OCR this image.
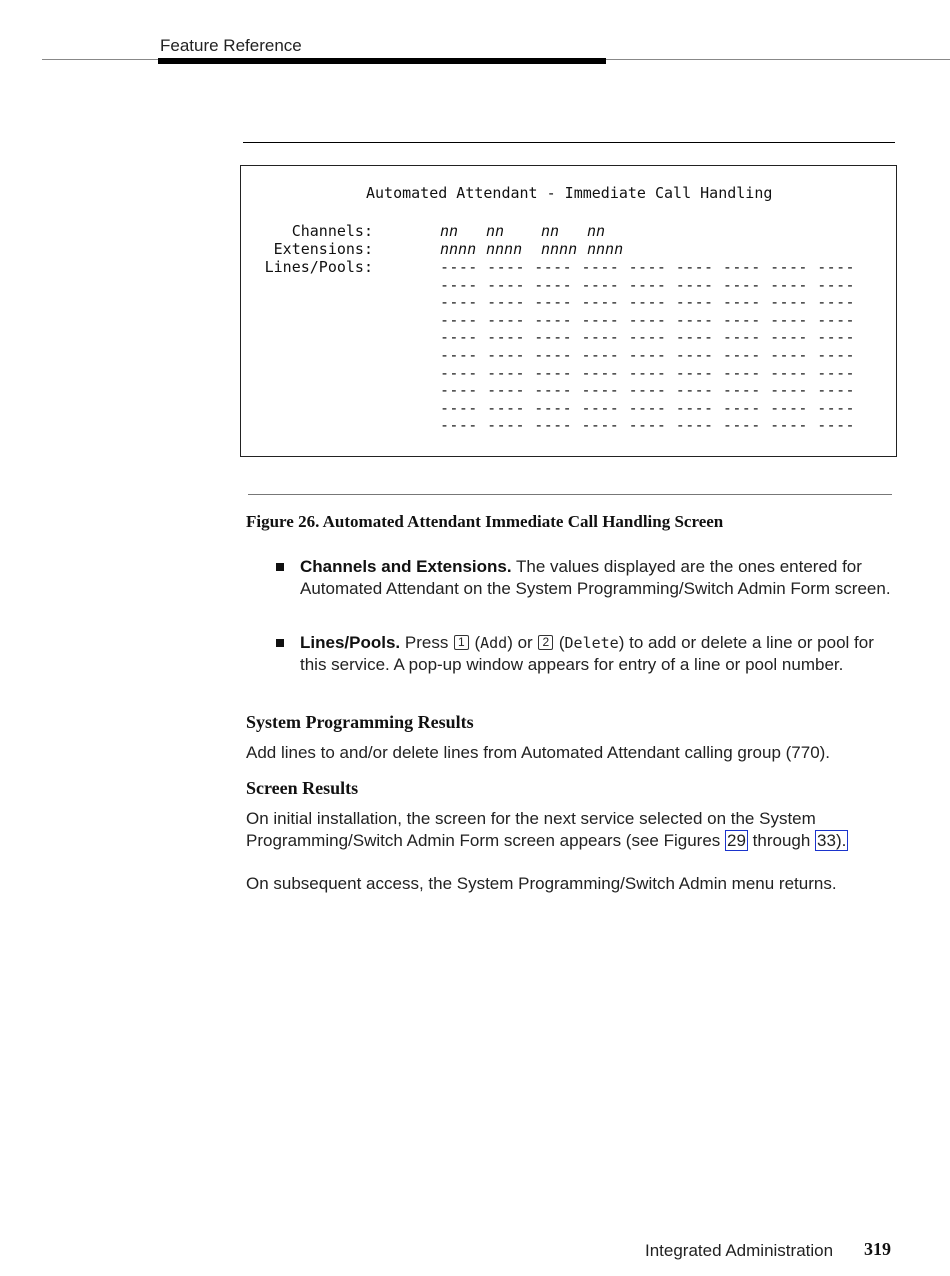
Feature Reference
Automated Attendant - Immediate Call Handling
Channels:	nn nn nn nn
Extensions:	nnnn nnnn nnnn nnnn
Lines/Pools:	---- ---- ---- ---- ---- ---- ---- ---- ----
---- ---- ---- ---- ---- ---- ---- ---- ----
---- ---- ---- ---- ---- ---- ---- ---- ----
---- ---- ---- ---- ---- ---- ---- ---- ----
---- ---- ---- ---- ---- ---- ---- ---- ----
---- ---- ---- ---- ---- ---- ---- ---- ----
---- ---- ---- ---- ---- ---- ---- ---- ----
---- ---- ---- ---- ---- ---- ---- ---- ----
---- ---- ---- ---- ---- ---- ---- ---- ----
---- ---- ---- ---- ---- ---- ---- ---- ----
Figure 26. Automated Attendant Immediate Call Handling Screen
Channels and Extensions. The values displayed are the ones entered for Automated Attendant on the System Programming/Switch Admin Form screen.
Lines/Pools. Press 1 (Add) or 2 (Delete) to add or delete a line or pool for this service. A pop-up window appears for entry of a line or pool number.
System Programming Results
Add lines to and/or delete lines from Automated Attendant calling group (770).
Screen Results
On initial installation, the screen for the next service selected on the System Programming/Switch Admin Form screen appears (see Figures 29 through 33).
On subsequent access, the System Programming/Switch Admin menu returns.
Integrated Administration 319
